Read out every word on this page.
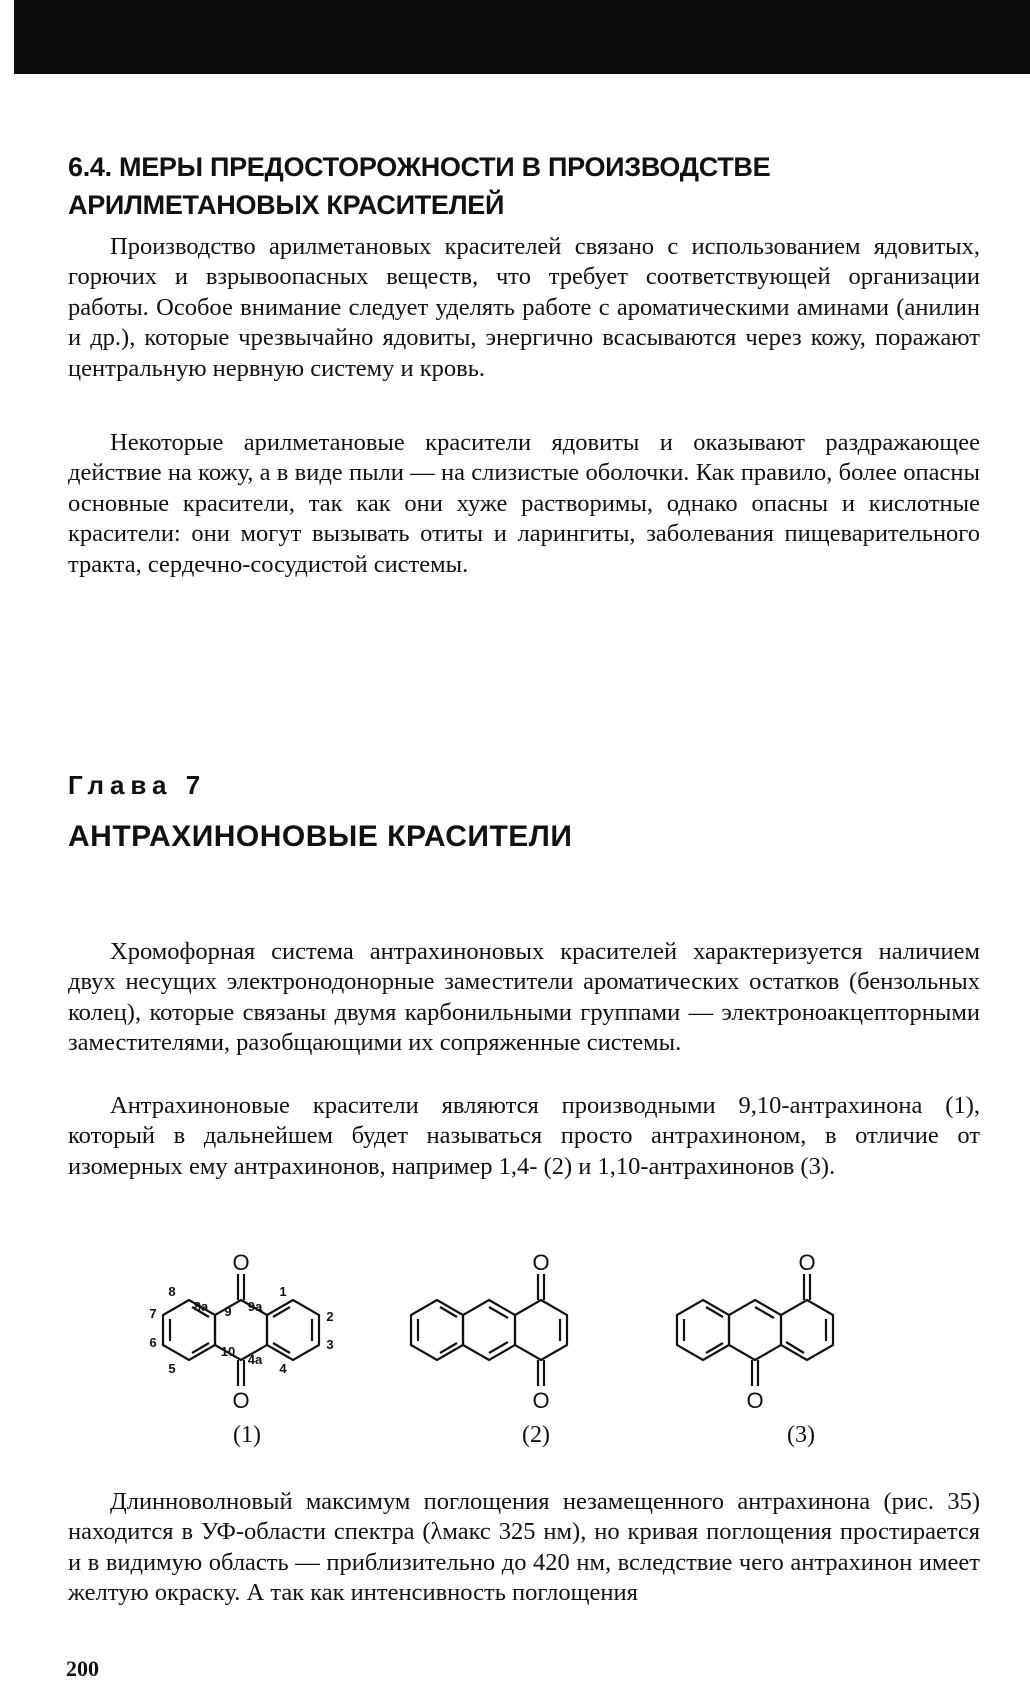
6.4. МЕРЫ ПРЕДОСТОРОЖНОСТИ В ПРОИЗВОДСТВЕ
АРИЛМЕТАНОВЫХ КРАСИТЕЛЕЙ

Производство арилметановых красителей связано с использованием ядовитых, горючих и взрывоопасных веществ, что требует соответствующей организации работы. Особое внимание следует уделять работе с ароматическими аминами (анилин и др.), которые чрезвычайно ядовиты, энергично всасываются через кожу, поражают центральную нервную систему и кровь.

Некоторые арилметановые красители ядовиты и оказывают раздражающее действие на кожу, а в виде пыли — на слизистые оболочки. Как правило, более опасны основные красители, так как они хуже растворимы, однако опасны и кислотные красители: они могут вызывать отиты и ларингиты, заболевания пищеварительного тракта, сердечно-сосудистой системы.

Глава 7
АНТРАХИНОНОВЫЕ КРАСИТЕЛИ

Хромофорная система антрахиноновых красителей характеризуется наличием двух несущих электронодонорные заместители ароматических остатков (бензольных колец), которые связаны двумя карбонильными группами — электроноакцепторными заместителями, разобщающими их сопряженные системы.

Антрахиноновые красители являются производными 9,10-антрахинона (1), который в дальнейшем будет называться просто антрахиноном, в отличие от изомерных ему антрахинонов, например 1,4- (2) и 1,10-антрахинонов (3).

O
O
O
O
O
O
8
8a 9 9a
1
7	2
6
10	3
4a
5	4
(1)	(2)	(3)

Длинноволновый максимум поглощения незамещенного антрахинона (рис. 35) находится в УФ-области спектра (λмакс 325 нм), но кривая поглощения простирается и в видимую область — приблизительно до 420 нм, вследствие чего антрахинон имеет желтую окраску. А так как интенсивность поглощения

200
